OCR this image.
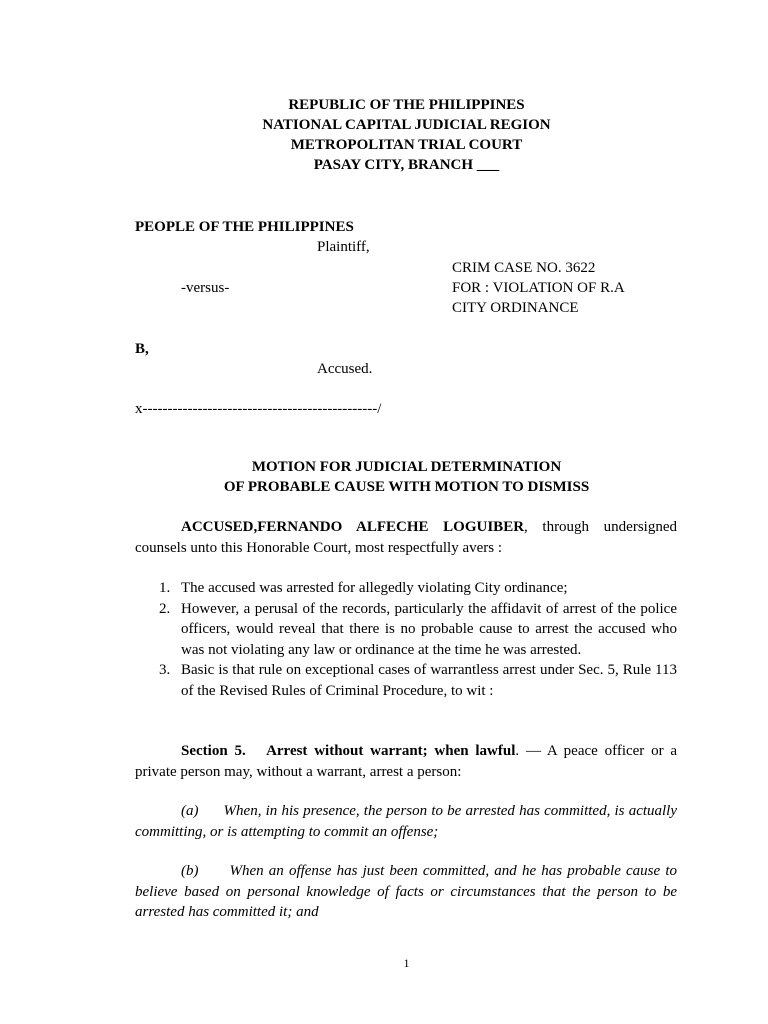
REPUBLIC OF THE PHILIPPINES
NATIONAL CAPITAL JUDICIAL REGION
METROPOLITAN TRIAL COURT
PASAY CITY, BRANCH ___
PEOPLE OF THE PHILIPPINES
Plaintiff,
CRIM CASE NO. 3622
-versus-	FOR : VIOLATION OF R.A
CITY ORDINANCE
B,
Accused.
x-----------------------------------------------/
MOTION FOR JUDICIAL DETERMINATION
OF PROBABLE CAUSE WITH MOTION TO DISMISS
ACCUSED,FERNANDO ALFECHE LOGUIBER, through undersigned counsels unto this Honorable Court, most respectfully avers :
1. The accused was arrested for allegedly violating City ordinance;
2. However, a perusal of the records, particularly the affidavit of arrest of the police officers, would reveal that there is no probable cause to arrest the accused who was not violating any law or ordinance at the time he was arrested.
3. Basic is that rule on exceptional cases of warrantless arrest under Sec. 5, Rule 113 of the Revised Rules of Criminal Procedure, to wit :
Section 5. Arrest without warrant; when lawful. — A peace officer or a private person may, without a warrant, arrest a person:
(a) When, in his presence, the person to be arrested has committed, is actually committing, or is attempting to commit an offense;
(b) When an offense has just been committed, and he has probable cause to believe based on personal knowledge of facts or circumstances that the person to be arrested has committed it; and
1
